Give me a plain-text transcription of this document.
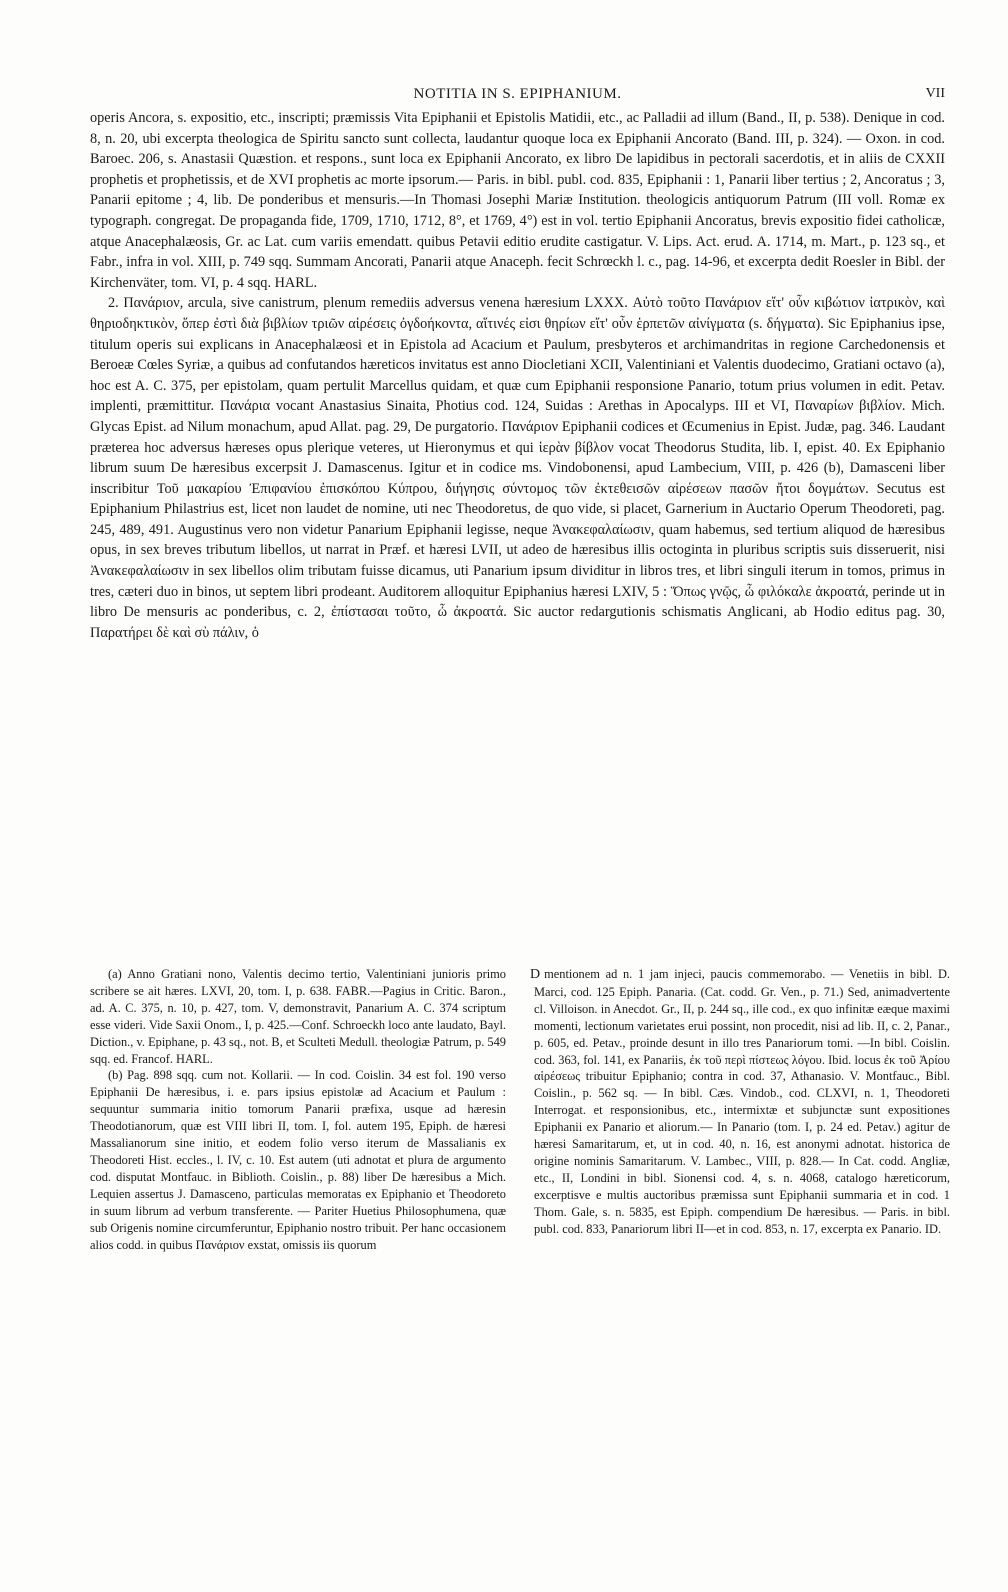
NOTITIA IN S. EPIPHANIUM.	VII

operis Ancora, s. expositio, etc., inscripti; præmissis Vita Epiphanii et Epistolis Matidii, etc., ac Palladii ad illum (Band., II, p. 538). Denique in cod. 8, n. 20, ubi excerpta theologica de Spiritu sancto sunt collecta, laudantur quoque loca ex Epiphanii Ancorato (Band. III, p. 324). — Oxon. in cod. Baroec. 206, s. Anastasii Quæstion. et respons., sunt loca ex Epiphanii Ancorato, ex libro De lapidibus in pectorali sacerdotis, et in aliis de CXXII prophetis et prophetissis, et de XVI prophetis ac morte ipsorum.— Paris. in bibl. publ. cod. 835, Epiphanii : 1, Panarii liber tertius ; 2, Ancoratus ; 3, Panarii epitome ; 4, lib. De ponderibus et mensuris.—In Thomasi Josephi Mariæ Institution. theologicis antiquorum Patrum (III voll. Romæ ex typograph. congregat. De propaganda fide, 1709, 1710, 1712, 8°, et 1769, 4°) est in vol. tertio Epiphanii Ancoratus, brevis expositio fidei catholicæ, atque Anacephalæosis, Gr. ac Lat. cum variis emendatt. quibus Petavii editio erudite castigatur. V. Lips. Act. erud. A. 1714, m. Mart., p. 123 sq., et Fabr., infra in vol. XIII, p. 749 sqq. Summam Ancorati, Panarii atque Anaceph. fecit Schrœckh l. c., pag. 14-96, et excerpta dedit Roesler in Bibl. der Kirchenväter, tom. VI, p. 4 sqq. HARL.

2. Πανάριον, arcula, sive canistrum, plenum remediis adversus venena hæresium LXXX. Αὐτὸ τοῦτο Πανάριον εἴτ' οὖν κιβώτιον ἰατρικὸν, καὶ θηριοδηκτικὸν, ὅπερ ἐστὶ διὰ βιβλίων τριῶν αἱρέσεις ὀγδοήκοντα, αἵτινές εἰσι θηρίων εἴτ' οὖν ἑρπετῶν αἰνίγματα (s. δήγματα). Sic Epiphanius ipse, titulum operis sui explicans in Anacephalæosi et in Epistola ad Acacium et Paulum, presbyteros et archimandritas in regione Carchedonensis et Beroeæ Cœles Syriæ, a quibus ad confutandos hæreticos invitatus est anno Diocletiani XCII, Valentiniani et Valentis duodecimo, Gratiani octavo (a), hoc est A. C. 375, per epistolam, quam pertulit Marcellus quidam, et quæ cum Epiphanii responsione Panario, totum prius volumen in edit. Petav. implenti, præmittitur. Πανάρια vocant Anastasius Sinaita, Photius cod. 124, Suidas : Arethas in Apocalyps. III et VI, Παναρίων βιβλίον. Mich. Glycas Epist. ad Nilum monachum, apud Allat. pag. 29, De purgatorio. Πανάριον Epiphanii codices et Œcumenius in Epist. Judæ, pag. 346. Laudant præterea hoc adversus hæreses opus plerique veteres, ut Hieronymus et qui ἱερὰν βίβλον vocat Theodorus Studita, lib. I, epist. 40. Ex Epiphanio librum suum De hæresibus excerpsit J. Damascenus. Igitur et in codice ms. Vindobonensi, apud Lambecium, VIII, p. 426 (b), Damasceni liber inscribitur Τοῦ μακαρίου Ἐπιφανίου ἐπισκόπου Κύπρου, διήγησις σύντομος τῶν ἐκτεθεισῶν αἱρέσεων πασῶν ἤτοι δογμάτων. Secutus est Epiphanium Philastrius est, licet non laudet de nomine, uti nec Theodoretus, de quo vide, si placet, Garnerium in Auctario Operum Theodoreti, pag. 245, 489, 491. Augustinus vero non videtur Panarium Epiphanii legisse, neque Ἀνακεφαλαίωσιν, quam habemus, sed tertium aliquod de hæresibus opus, in sex breves tributum libellos, ut narrat in Præf. et hæresi LVII, ut adeo de hæresibus illis octoginta in pluribus scriptis suis disseruerit, nisi Ἀνακεφαλαίωσιν in sex libellos olim tributam fuisse dicamus, uti Panarium ipsum dividitur in libros tres, et libri singuli iterum in tomos, primus in tres, cæteri duo in binos, ut septem libri prodeant. Auditorem alloquitur Epiphanius hæresi LXIV, 5 : Ὅπως γνῷς, ὦ φιλόκαλε ἀκροατά, perinde ut in libro De mensuris ac ponderibus, c. 2, ἐπίστασαι τοῦτο, ὦ ἀκροατά. Sic auctor redargutionis schismatis Anglicani, ab Hodio editus pag. 30, Παρατήρει δὲ καὶ σὺ πάλιν, ὁ

(a) Anno Gratiani nono, Valentis decimo tertio, Valentiniani junioris primo scribere se ait hæres. LXVI, 20, tom. I, p. 638. FABR.—Pagius in Critic. Baron., ad. A. C. 375, n. 10, p. 427, tom. V, demonstravit, Panarium A. C. 374 scriptum esse videri. Vide Saxii Onom., I, p. 425.—Conf. Schroeckh loco ante laudato, Bayl. Diction., v. Epiphane, p. 43 sq., not. B, et Sculteti Medull. theologiæ Patrum, p. 549 sqq. ed. Francof. HARL.

(b) Pag. 898 sqq. cum not. Kollarii. — In cod. Coislin. 34 est fol. 190 verso Epiphanii De hæresibus, i. e. pars ipsius epistolæ ad Acacium et Paulum : sequuntur summaria initio tomorum Panarii præfixa, usque ad hæresin Theodotianorum, quæ est VIII libri II, tom. I, fol. autem 195, Epiph. de hæresi Massalianorum sine initio, et eodem folio verso iterum de Massalianis ex Theodoreti Hist. eccles., l. IV, c. 10. Est autem (uti adnotat et plura de argumento cod. disputat Montfauc. in Biblioth. Coislin., p. 88) liber De hæresibus a Mich. Lequien assertus J. Damasceno, particulas memoratas ex Epiphanio et Theodoreto in suum librum ad verbum transferente. — Pariter Huetius Philosophumena, quæ sub Origenis nomine circumferuntur, Epiphanio nostro tribuit. Per hanc occasionem alios codd. in quibus Πανάριον exstat, omissis iis quorum

D mentionem ad n. 1 jam injeci, paucis commemorabo. — Venetiis in bibl. D. Marci, cod. 125 Epiph. Panaria. (Cat. codd. Gr. Ven., p. 71.) Sed, animadvertente cl. Villoison. in Anecdot. Gr., II, p. 244 sq., ille cod., ex quo infinitæ eæque maximi momenti, lectionum varietates erui possint, non procedit, nisi ad lib. II, c. 2, Panar., p. 605, ed. Petav., proinde desunt in illo tres Panariorum tomi. —In bibl. Coislin. cod. 363, fol. 141, ex Panariis, ἐκ τοῦ περὶ πίστεως λόγου. Ibid. locus ἐκ τοῦ Ἀρίου αἱρέσεως tribuitur Epiphanio; contra in cod. 37, Athanasio. V. Montfauc., Bibl. Coislin., p. 562 sq. — In bibl. Cæs. Vindob., cod. CLXVI, n. 1, Theodoreti Interrogat. et responsionibus, etc., intermixtæ et subjunctæ sunt expositiones Epiphanii ex Panario et aliorum.— In Panario (tom. I, p. 24 ed. Petav.) agitur de hæresi Samaritarum, et, ut in cod. 40, n. 16, est anonymi adnotat. historica de origine nominis Samaritarum. V. Lambec., VIII, p. 828.— In Cat. codd. Angliæ, etc., II, Londini in bibl. Sionensi cod. 4, s. n. 4068, catalogo hæreticorum, excerptisve e multis auctoribus præmissa sunt Epiphanii summaria et in cod. 1 Thom. Gale, s. n. 5835, est Epiph. compendium De hæresibus. — Paris. in bibl. publ. cod. 833, Panariorum libri II—et in cod. 853, n. 17, excerpta ex Panario. ID.
